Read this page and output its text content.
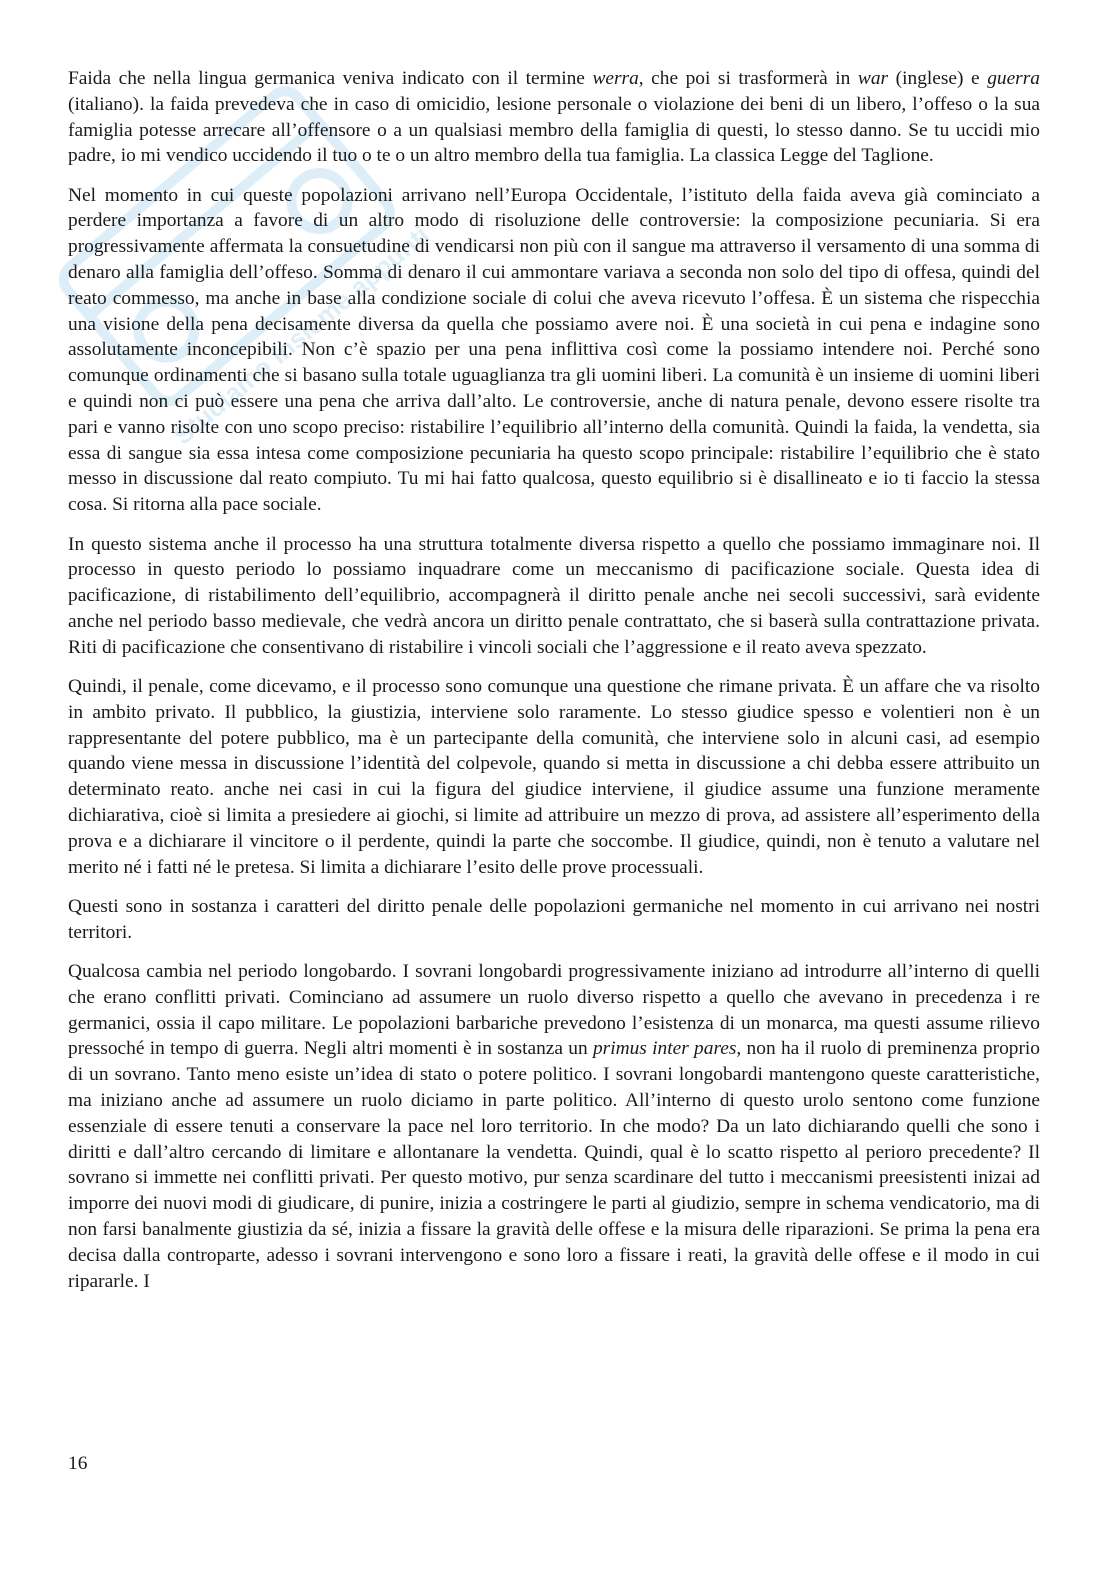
Studiamo insieme appunti

Faida che nella lingua germanica veniva indicato con il termine werra, che poi si trasformerà in war (inglese) e guerra (italiano). la faida prevedeva che in caso di omicidio, lesione personale o violazione dei beni di un libero, l’offeso o la sua famiglia potesse arrecare all’offensore o a un qualsiasi membro della famiglia di questi, lo stesso danno. Se tu uccidi mio padre, io mi vendico uccidendo il tuo o te o un altro membro della tua famiglia. La classica Legge del Taglione.

Nel momento in cui queste popolazioni arrivano nell’Europa Occidentale, l’istituto della faida aveva già cominciato a perdere importanza a favore di un altro modo di risoluzione delle controversie: la composizione pecuniaria. Si era progressivamente affermata la consuetudine di vendicarsi non più con il sangue ma attraverso il versamento di una somma di denaro alla famiglia dell’offeso. Somma di denaro il cui ammontare variava a seconda non solo del tipo di offesa, quindi del reato commesso, ma anche in base alla condizione sociale di colui che aveva ricevuto l’offesa. È un sistema che rispecchia una visione della pena decisamente diversa da quella che possiamo avere noi. È una società in cui pena e indagine sono assolutamente inconcepibili. Non c’è spazio per una pena inflittiva così come la possiamo intendere noi. Perché sono comunque ordinamenti che si basano sulla totale uguaglianza tra gli uomini liberi. La comunità è un insieme di uomini liberi e quindi non ci può essere una pena che arriva dall’alto. Le controversie, anche di natura penale, devono essere risolte tra pari e vanno risolte con uno scopo preciso: ristabilire l’equilibrio all’interno della comunità. Quindi la faida, la vendetta, sia essa di sangue sia essa intesa come composizione pecuniaria ha questo scopo principale: ristabilire l’equilibrio che è stato messo in discussione dal reato compiuto. Tu mi hai fatto qualcosa, questo equilibrio si è disallineato e io ti faccio la stessa cosa. Si ritorna alla pace sociale.

In questo sistema anche il processo ha una struttura totalmente diversa rispetto a quello che possiamo immaginare noi. Il processo in questo periodo lo possiamo inquadrare come un meccanismo di pacificazione sociale. Questa idea di pacificazione, di ristabilimento dell’equilibrio, accompagnerà il diritto penale anche nei secoli successivi, sarà evidente anche nel periodo basso medievale, che vedrà ancora un diritto penale contrattato, che si baserà sulla contrattazione privata. Riti di pacificazione che consentivano di ristabilire i vincoli sociali che l’aggressione e il reato aveva spezzato.

Quindi, il penale, come dicevamo, e il processo sono comunque una questione che rimane privata. È un affare che va risolto in ambito privato. Il pubblico, la giustizia, interviene solo raramente. Lo stesso giudice spesso e volentieri non è un rappresentante del potere pubblico, ma è un partecipante della comunità, che interviene solo in alcuni casi, ad esempio quando viene messa in discussione l’identità del colpevole, quando si metta in discussione a chi debba essere attribuito un determinato reato. anche nei casi in cui la figura del giudice interviene, il giudice assume una funzione meramente dichiarativa, cioè si limita a presiedere ai giochi, si limite ad attribuire un mezzo di prova, ad assistere all’esperimento della prova e a dichiarare il vincitore o il perdente, quindi la parte che soccombe. Il giudice, quindi, non è tenuto a valutare nel merito né i fatti né le pretesa. Si limita a dichiarare l’esito delle prove processuali.

Questi sono in sostanza i caratteri del diritto penale delle popolazioni germaniche nel momento in cui arrivano nei nostri territori.

Qualcosa cambia nel periodo longobardo. I sovrani longobardi progressivamente iniziano ad introdurre all’interno di quelli che erano conflitti privati. Cominciano ad assumere un ruolo diverso rispetto a quello che avevano in precedenza i re germanici, ossia il capo militare. Le popolazioni barbariche prevedono l’esistenza di un monarca, ma questi assume rilievo pressoché in tempo di guerra. Negli altri momenti è in sostanza un primus inter pares, non ha il ruolo di preminenza proprio di un sovrano. Tanto meno esiste un’idea di stato o potere politico. I sovrani longobardi mantengono queste caratteristiche, ma iniziano anche ad assumere un ruolo diciamo in parte politico. All’interno di questo urolo sentono come funzione essenziale di essere tenuti a conservare la pace nel loro territorio. In che modo? Da un lato dichiarando quelli che sono i diritti e dall’altro cercando di limitare e allontanare la vendetta. Quindi, qual è lo scatto rispetto al perioro precedente? Il sovrano si immette nei conflitti privati. Per questo motivo, pur senza scardinare del tutto i meccanismi preesistenti inizai ad imporre dei nuovi modi di giudicare, di punire, inizia a costringere le parti al giudizio, sempre in schema vendicatorio, ma di non farsi banalmente giustizia da sé, inizia a fissare la gravità delle offese e la misura delle riparazioni. Se prima la pena era decisa dalla controparte, adesso i sovrani intervengono e sono loro a fissare i reati, la gravità delle offese e il modo in cui ripararle. I

16
